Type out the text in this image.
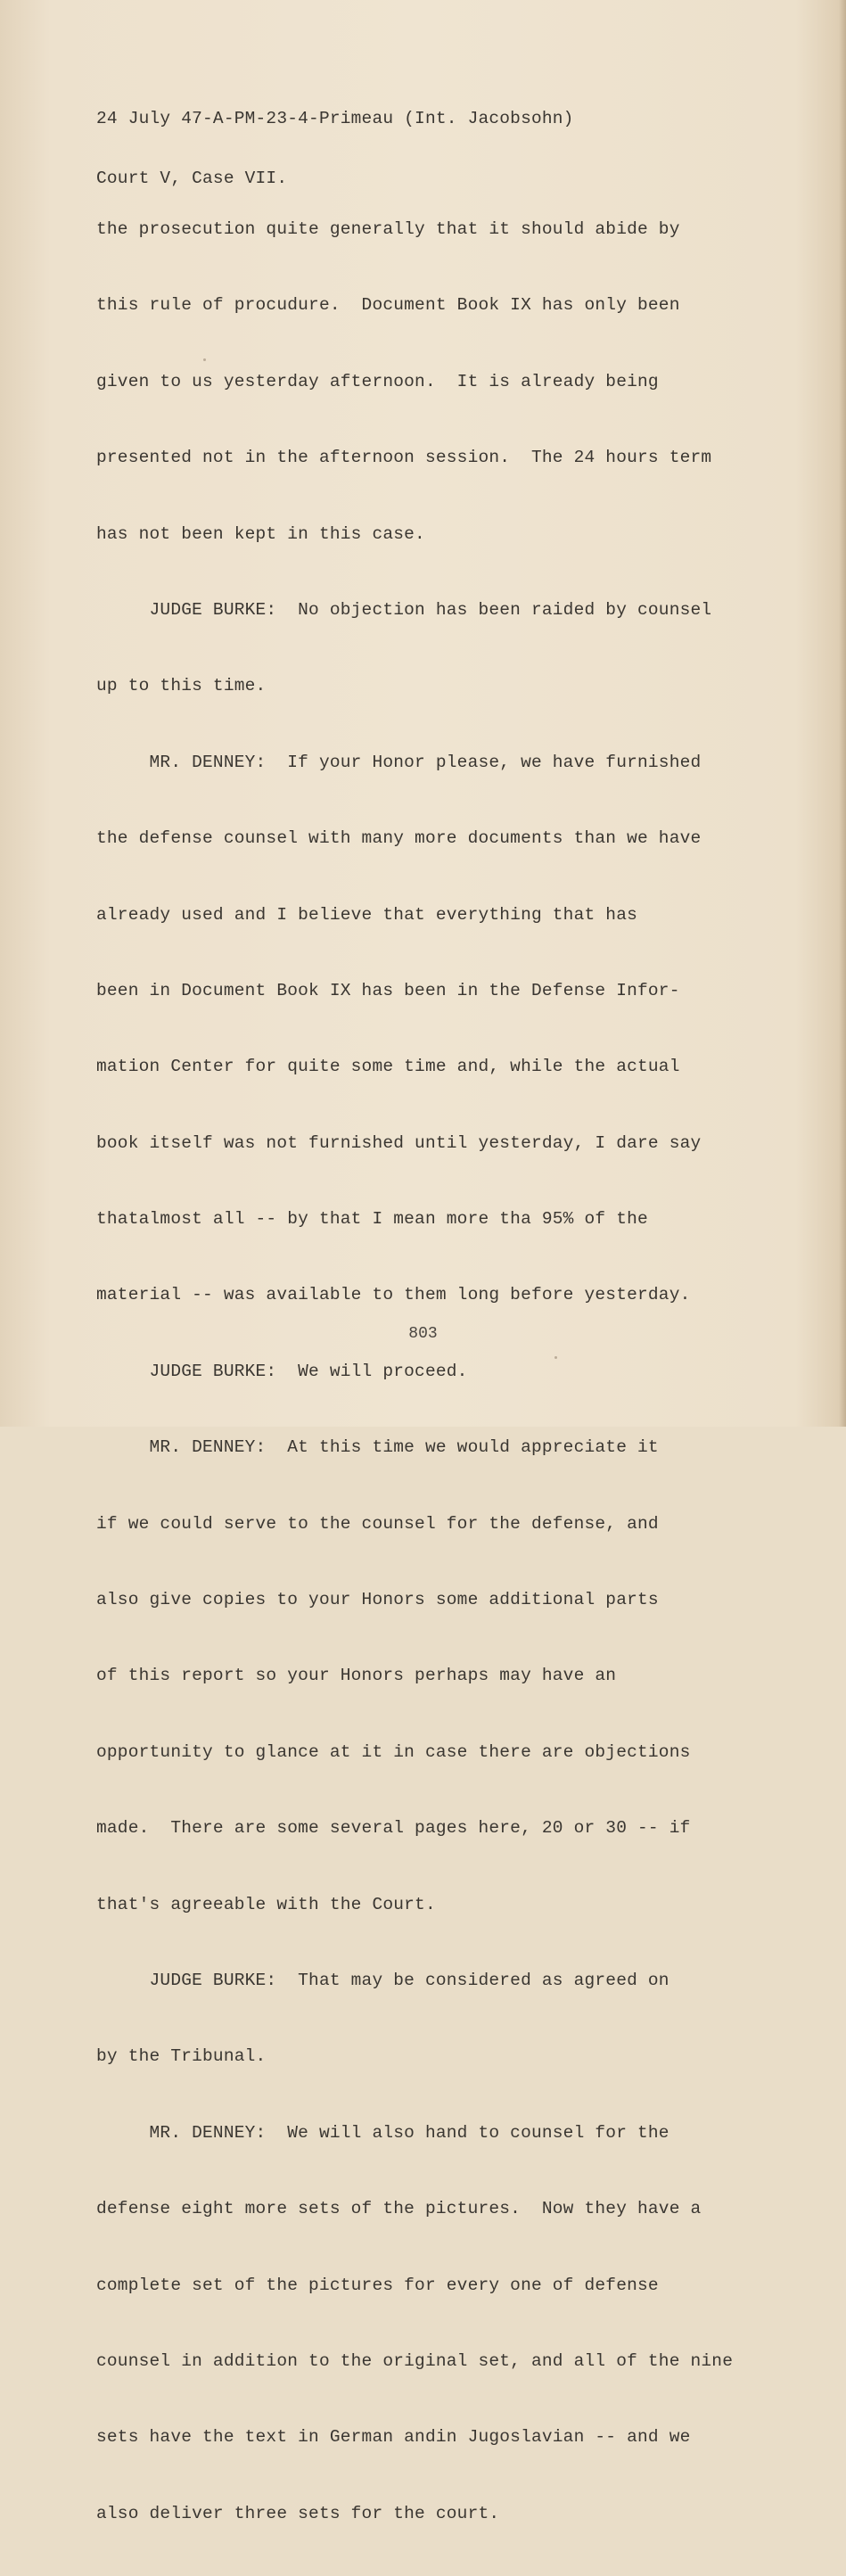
24 July 47-A-PM-23-4-Primeau (Int. Jacobsohn)

Court V, Case VII.

the prosecution quite generally that it should abide by

this rule of procudure.  Document Book IX has only been

given to us yesterday afternoon.  It is already being

presented not in the afternoon session.  The 24 hours term

has not been kept in this case.

JUDGE BURKE:  No objection has been raided by counsel

up to this time.

MR. DENNEY:  If your Honor please, we have furnished

the defense counsel with many more documents than we have

already used and I believe that everything that has

been in Document Book IX has been in the Defense Infor-

mation Center for quite some time and, while the actual

book itself was not furnished until yesterday, I dare say

thatalmost all -- by that I mean more tha 95% of the

material -- was available to them long before yesterday.

JUDGE BURKE:  We will proceed.

MR. DENNEY:  At this time we would appreciate it

if we could serve to the counsel for the defense, and

also give copies to your Honors some additional parts

of this report so your Honors perhaps may have an

opportunity to glance at it in case there are objections

made.  There are some several pages here, 20 or 30 -- if

that's agreeable with the Court.

JUDGE BURKE:  That may be considered as agreed on

by the Tribunal.

MR. DENNEY:  We will also hand to counsel for the

defense eight more sets of the pictures.  Now they have a

complete set of the pictures for every one of defense

counsel in addition to the original set, and all of the nine

sets have the text in German andin Jugoslavian -- and we

also deliver three sets for the court.

803
